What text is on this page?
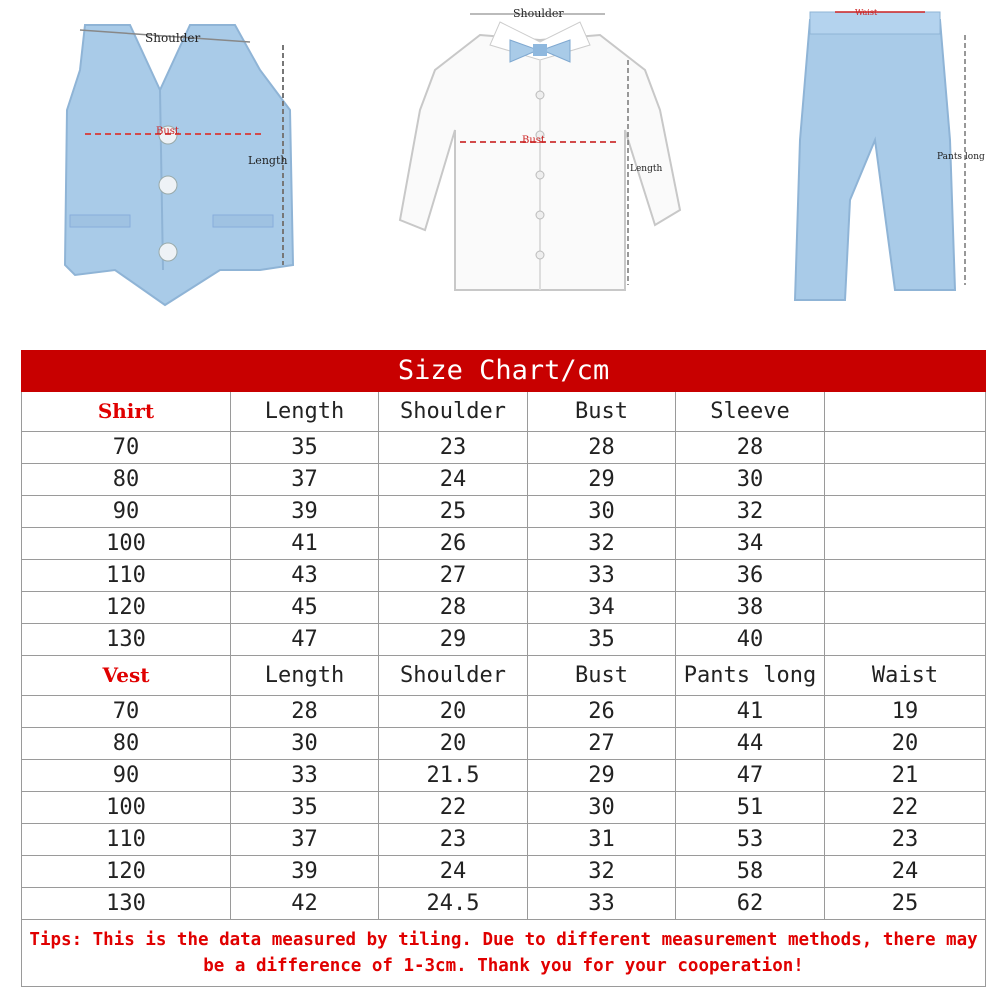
Shoulder
Bust
Length
Shoulder
Bust
Length
Waist
Pants long
Size Chart/cm					
Shirt	Length	Shoulder	Bust	Sleeve	
70	35	23	28	28	
80	37	24	29	30	
90	39	25	30	32	
100	41	26	32	34	
110	43	27	33	36	
120	45	28	34	38	
130	47	29	35	40	
Vest	Length	Shoulder	Bust	Pants long	Waist
70	28	20	26	41	19
80	30	20	27	44	20
90	33	21.5	29	47	21
100	35	22	30	51	22
110	37	23	31	53	23
120	39	24	32	58	24
130	42	24.5	33	62	25
Tips: This is the data measured by tiling. Due to different measurement methods, there may be a difference of 1-3cm. Thank you for your cooperation!					
